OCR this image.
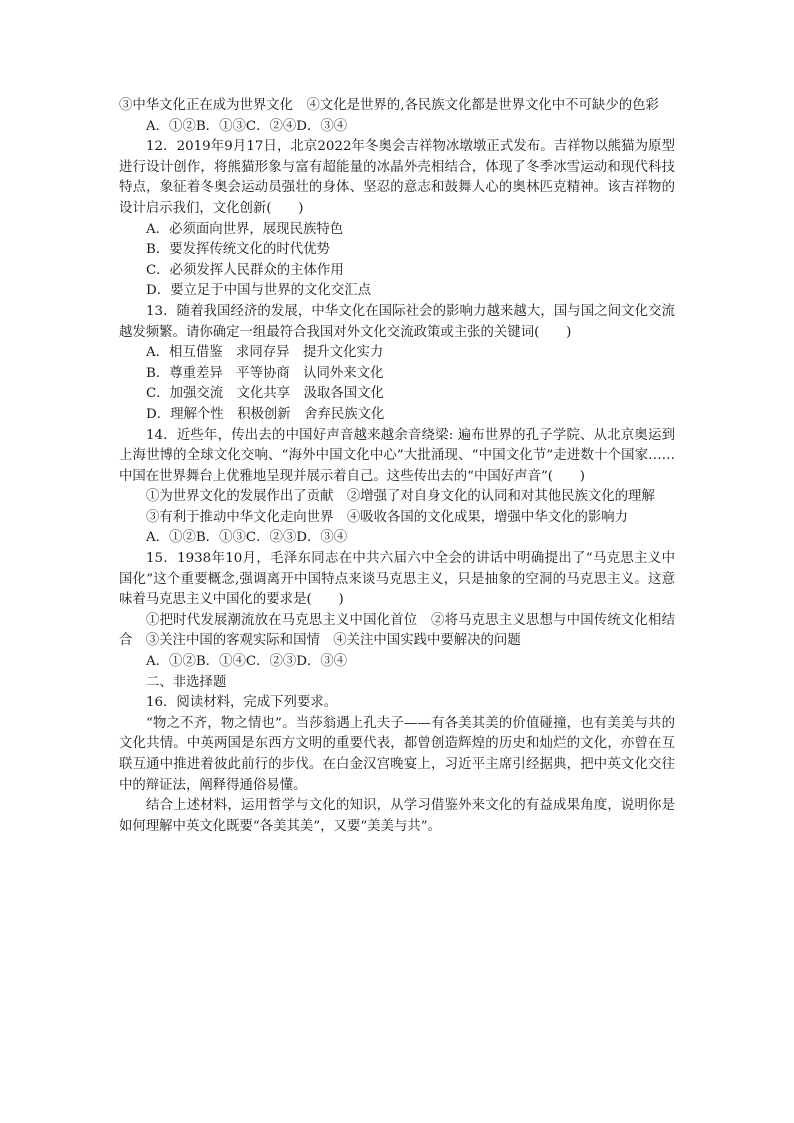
③中华文化正在成为世界文化　④文化是世界的,各民族文化都是世界文化中不可缺少的色彩

A．①②B．①③C．②④D．③④

12．2019年9月17日，北京2022年冬奥会吉祥物冰墩墩正式发布。吉祥物以熊猫为原型进行设计创作，将熊猫形象与富有超能量的冰晶外壳相结合，体现了冬季冰雪运动和现代科技特点，象征着冬奥会运动员强壮的身体、坚忍的意志和鼓舞人心的奥林匹克精神。该吉祥物的设计启示我们，文化创新(　　)

A．必须面向世界，展现民族特色

B．要发挥传统文化的时代优势

C．必须发挥人民群众的主体作用

D．要立足于中国与世界的文化交汇点

13．随着我国经济的发展，中华文化在国际社会的影响力越来越大，国与国之间文化交流越发频繁。请你确定一组最符合我国对外文化交流政策或主张的关键词(　　)

A．相互借鉴　求同存异　提升文化实力

B．尊重差异　平等协商　认同外来文化

C．加强交流　文化共享　汲取各国文化

D．理解个性　积极创新　舍弃民族文化

14．近些年，传出去的中国好声音越来越余音绕梁: 遍布世界的孔子学院、从北京奥运到上海世博的全球文化交响、“海外中国文化中心”大批涌现、“中国文化节”走进数十个国家……中国在世界舞台上优雅地呈现并展示着自己。这些传出去的“中国好声音”(　　)

①为世界文化的发展作出了贡献　②增强了对自身文化的认同和对其他民族文化的理解

③有利于推动中华文化走向世界　④吸收各国的文化成果，增强中华文化的影响力

A．①②B．①③C．②③D．③④

15．1938年10月，毛泽东同志在中共六届六中全会的讲话中明确提出了“马克思主义中国化”这个重要概念,强调离开中国特点来谈马克思主义，只是抽象的空洞的马克思主义。这意味着马克思主义中国化的要求是(　　)

①把时代发展潮流放在马克思主义中国化首位　②将马克思主义思想与中国传统文化相结合　③关注中国的客观实际和国情　④关注中国实践中要解决的问题

A．①②B．①④C．②③D．③④

二、非选择题

16．阅读材料，完成下列要求。

“物之不齐，物之情也”。当莎翁遇上孔夫子——有各美其美的价值碰撞，也有美美与共的文化共情。中英两国是东西方文明的重要代表，都曾创造辉煌的历史和灿烂的文化，亦曾在互联互通中推进着彼此前行的步伐。在白金汉宫晚宴上，习近平主席引经据典，把中英文化交往中的辩证法，阐释得通俗易懂。

结合上述材料，运用哲学与文化的知识，从学习借鉴外来文化的有益成果角度，说明你是如何理解中英文化既要“各美其美”，又要“美美与共”。
